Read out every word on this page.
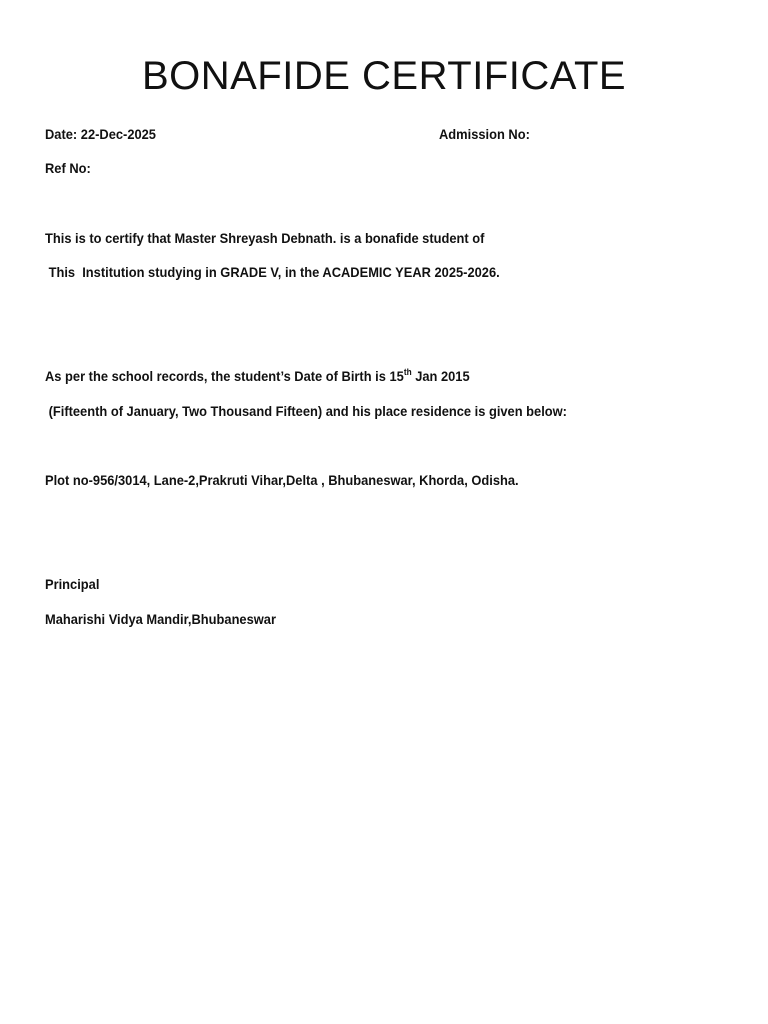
BONAFIDE CERTIFICATE
Date: 22-Dec-2025	Admission No:
Ref No:
This is to certify that Master Shreyash Debnath. is a bonafide student of
This  Institution studying in GRADE V, in the ACADEMIC YEAR 2025-2026.
As per the school records, the student’s Date of Birth is 15th Jan 2015
(Fifteenth of January, Two Thousand Fifteen) and his place residence is given below:
Plot no-956/3014, Lane-2,Prakruti Vihar,Delta , Bhubaneswar, Khorda, Odisha.
Principal
Maharishi Vidya Mandir,Bhubaneswar
